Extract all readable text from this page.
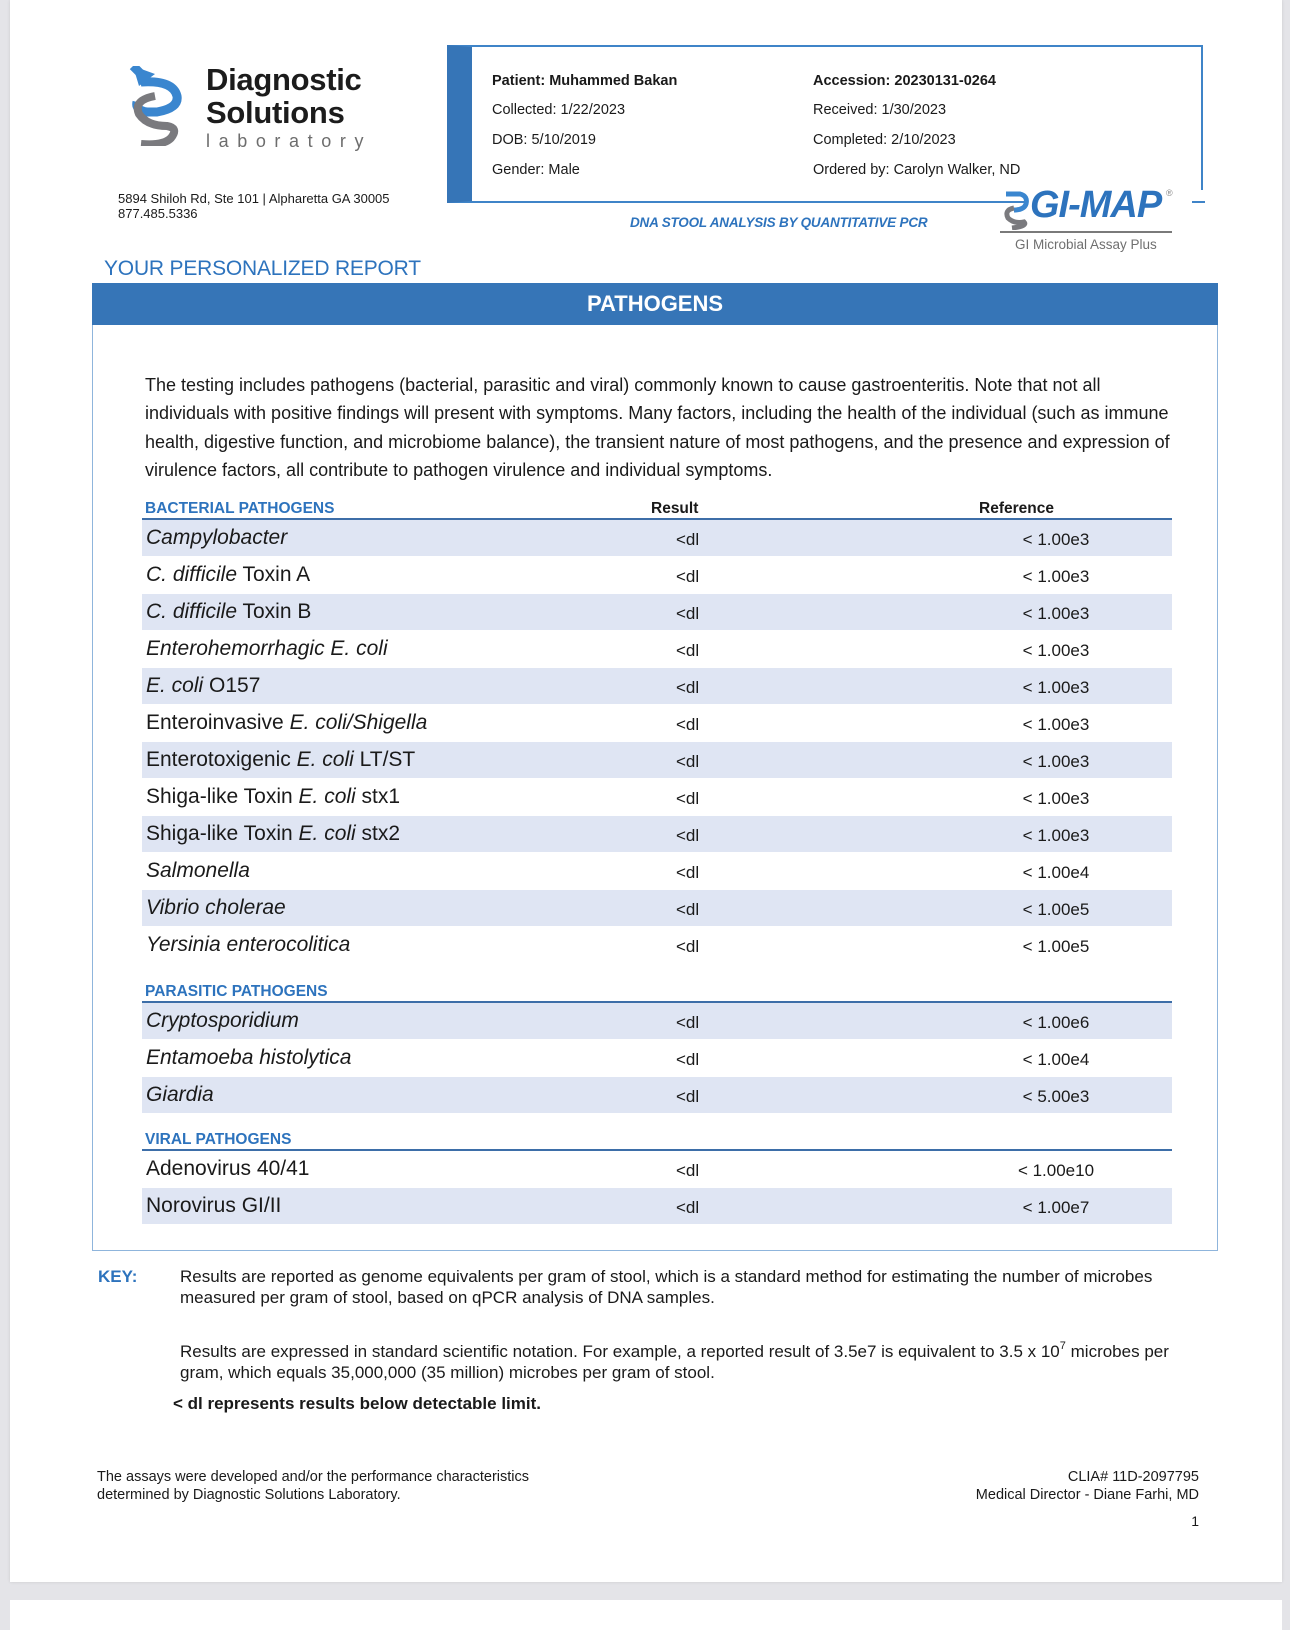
Diagnostic
Solutions
laboratory
5894 Shiloh Rd, Ste 101 | Alpharetta GA 30005
877.485.5336
Patient: Muhammed Bakan
Collected: 1/22/2023
DOB: 5/10/2019
Gender: Male
Accession: 20230131-0264
Received: 1/30/2023
Completed: 2/10/2023
Ordered by: Carolyn Walker, ND
DNA STOOL ANALYSIS BY QUANTITATIVE PCR	GI-MAP ®
GI Microbial Assay Plus
YOUR PERSONALIZED REPORT
PATHOGENS
The testing includes pathogens (bacterial, parasitic and viral) commonly known to cause gastroenteritis. Note that not all individuals with positive findings will present with symptoms. Many factors, including the health of the individual (such as immune health, digestive function, and microbiome balance), the transient nature of most pathogens, and the presence and expression of virulence factors, all contribute to pathogen virulence and individual symptoms.
BACTERIAL PATHOGENS	Result	Reference
Campylobacter	<dl	< 1.00e3
C. difficile Toxin A	<dl	< 1.00e3
C. difficile Toxin B	<dl	< 1.00e3
Enterohemorrhagic E. coli	<dl	< 1.00e3
E. coli O157	<dl	< 1.00e3
Enteroinvasive E. coli/Shigella	<dl	< 1.00e3
Enterotoxigenic E. coli LT/ST	<dl	< 1.00e3
Shiga-like Toxin E. coli stx1	<dl	< 1.00e3
Shiga-like Toxin E. coli stx2	<dl	< 1.00e3
Salmonella	<dl	< 1.00e4
Vibrio cholerae	<dl	< 1.00e5
Yersinia enterocolitica	<dl	< 1.00e5
PARASITIC PATHOGENS
Cryptosporidium	<dl	< 1.00e6
Entamoeba histolytica	<dl	< 1.00e4
Giardia	<dl	< 5.00e3
VIRAL PATHOGENS
Adenovirus 40/41	<dl	< 1.00e10
Norovirus GI/II	<dl	< 1.00e7
KEY:	Results are reported as genome equivalents per gram of stool, which is a standard method for estimating the number of microbes measured per gram of stool, based on qPCR analysis of DNA samples.
Results are expressed in standard scientific notation. For example, a reported result of 3.5e7 is equivalent to 3.5 x $10^7$ microbes per gram, which equals 35,000,000 (35 million) microbes per gram of stool.
< dl represents results below detectable limit.
The assays were developed and/or the performance characteristics
determined by Diagnostic Solutions Laboratory.
CLIA# 11D-2097795
Medical Director - Diane Farhi, MD
1
